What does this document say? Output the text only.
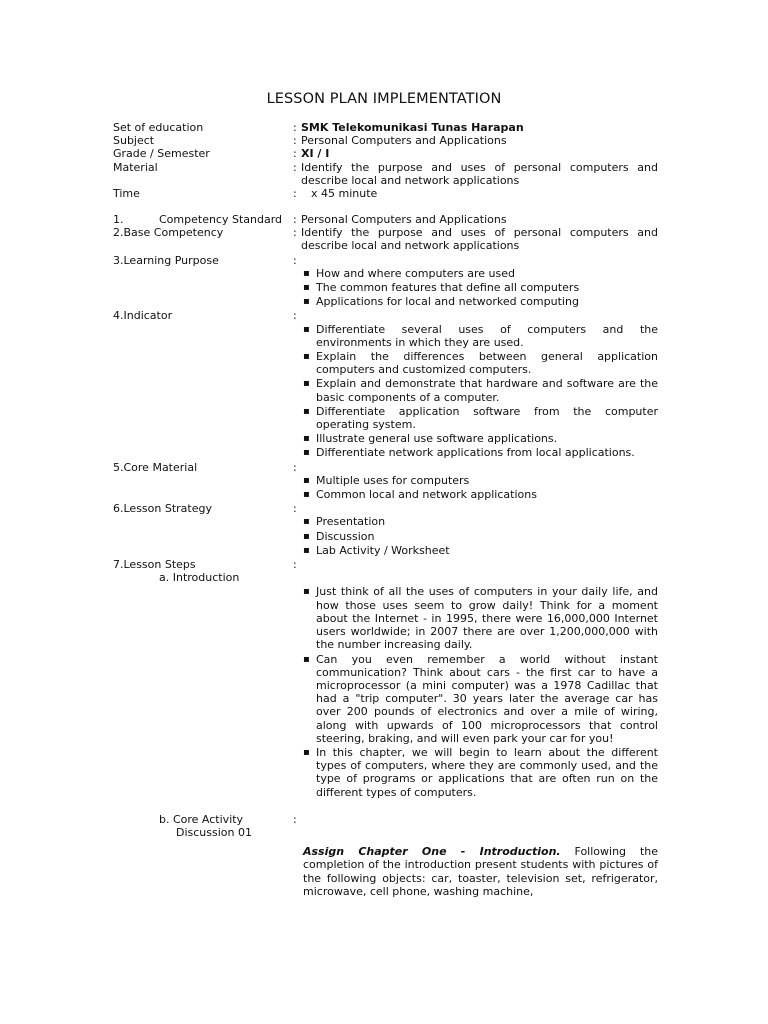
LESSON PLAN IMPLEMENTATION
Set of education	: SMK Telekomunikasi Tunas Harapan
Subject	: Personal Computers and Applications
Grade / Semester	: XI / I
Material	: Identify the purpose and uses of personal computers and describe local and network applications
Time	:	x 45 minute
1.	Competency Standard : Personal Computers and Applications
2.Base Competency	: Identify the purpose and uses of personal computers and describe local and network applications
3.Learning Purpose	:
▪ How and where computers are used
▪ The common features that define all computers
▪ Applications for local and networked computing
4.Indicator	:
▪ Differentiate several uses of computers and the environments in which they are used.
▪ Explain the differences between general application computers and customized computers.
▪ Explain and demonstrate that hardware and software are the basic components of a computer.
▪ Differentiate application software from the computer operating system.
▪ Illustrate general use software applications.
▪ Differentiate network applications from local applications.
5.Core Material	:
▪ Multiple uses for computers
▪ Common local and network applications
6.Lesson Strategy	:
▪ Presentation
▪ Discussion
▪ Lab Activity / Worksheet
7.Lesson Steps	:
a. Introduction
▪ Just think of all the uses of computers in your daily life, and how those uses seem to grow daily! Think for a moment about the Internet - in 1995, there were 16,000,000 Internet users worldwide; in 2007 there are over 1,200,000,000 with the number increasing daily.
▪ Can you even remember a world without instant communication? Think about cars - the first car to have a microprocessor (a mini computer) was a 1978 Cadillac that had a "trip computer". 30 years later the average car has over 200 pounds of electronics and over a mile of wiring, along with upwards of 100 microprocessors that control steering, braking, and will even park your car for you!
▪ In this chapter, we will begin to learn about the different types of computers, where they are commonly used, and the type of programs or applications that are often run on the different types of computers.
b. Core Activity	:
Discussion 01
Assign Chapter One - Introduction. Following the completion of the introduction present students with pictures of the following objects: car, toaster, television set, refrigerator, microwave, cell phone, washing machine,
